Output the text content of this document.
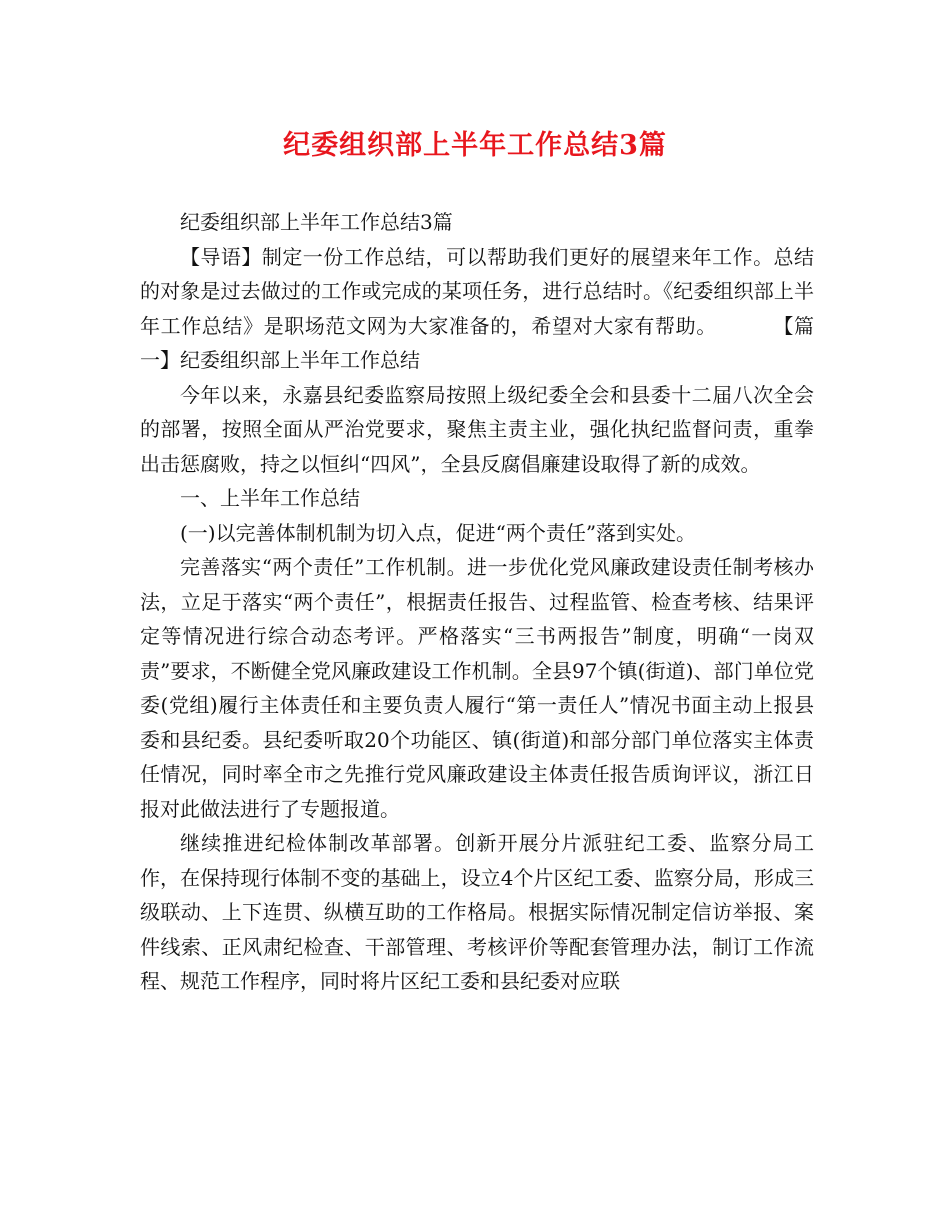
纪委组织部上半年工作总结3篇

纪委组织部上半年工作总结3篇

【导语】制定一份工作总结，可以帮助我们更好的展望来年工作。总结的对象是过去做过的工作或完成的某项任务，进行总结时。《纪委组织部上半年工作总结》是职场范文网为大家准备的，希望对大家有帮助。	【篇一】纪委组织部上半年工作总结

今年以来，永嘉县纪委监察局按照上级纪委全会和县委十二届八次全会的部署，按照全面从严治党要求，聚焦主责主业，强化执纪监督问责，重拳出击惩腐败，持之以恒纠“四风”，全县反腐倡廉建设取得了新的成效。

一、上半年工作总结

(一)以完善体制机制为切入点，促进“两个责任”落到实处。

完善落实“两个责任”工作机制。进一步优化党风廉政建设责任制考核办法，立足于落实“两个责任”，根据责任报告、过程监管、检查考核、结果评定等情况进行综合动态考评。严格落实“三书两报告”制度，明确“一岗双责”要求，不断健全党风廉政建设工作机制。全县97个镇(街道)、部门单位党委(党组)履行主体责任和主要负责人履行“第一责任人”情况书面主动上报县委和县纪委。县纪委听取20个功能区、镇(街道)和部分部门单位落实主体责任情况，同时率全市之先推行党风廉政建设主体责任报告质询评议，浙江日报对此做法进行了专题报道。

继续推进纪检体制改革部署。创新开展分片派驻纪工委、监察分局工作，在保持现行体制不变的基础上，设立4个片区纪工委、监察分局，形成三级联动、上下连贯、纵横互助的工作格局。根据实际情况制定信访举报、案件线索、正风肃纪检查、干部管理、考核评价等配套管理办法，制订工作流程、规范工作程序，同时将片区纪工委和县纪委对应联
